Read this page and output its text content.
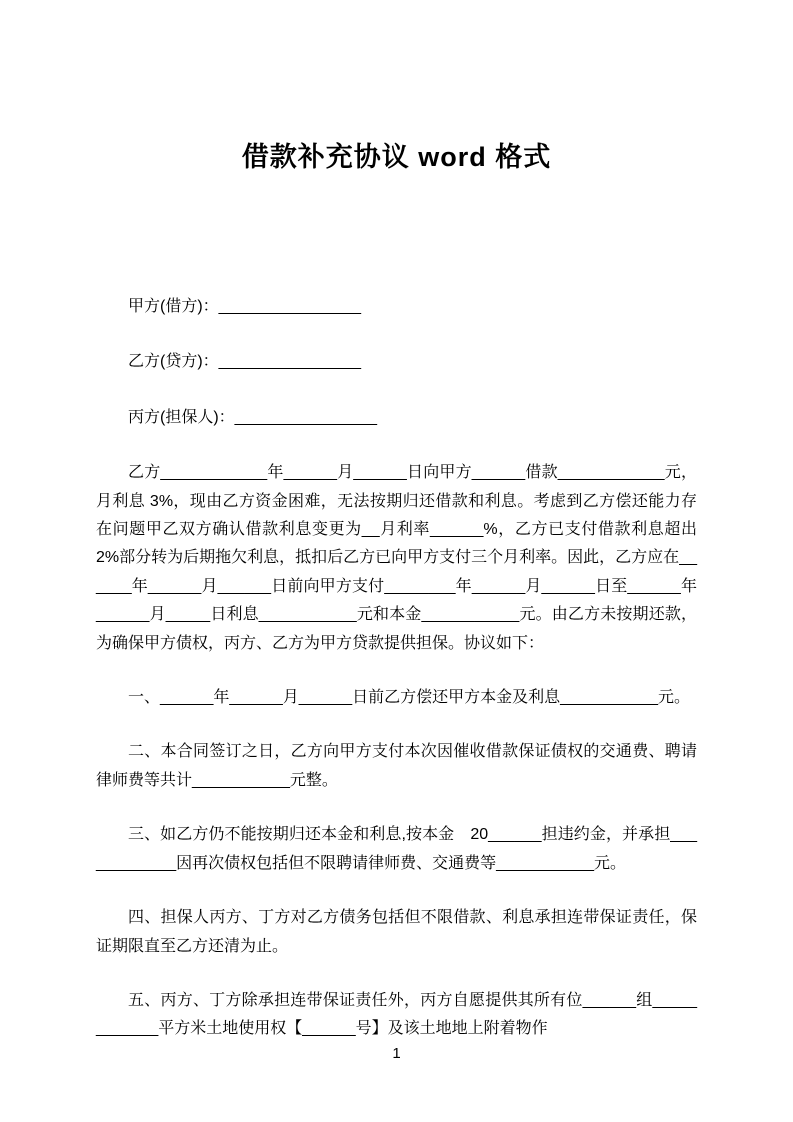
借款补充协议 word 格式

甲方(借方)：________________

乙方(贷方)：________________

丙方(担保人)：________________

乙方____________年______月______日向甲方______借款____________元，月利息 3%，现由乙方资金困难，无法按期归还借款和利息。考虑到乙方偿还能力存在问题甲乙双方确认借款利息变更为__月利率______%，乙方已支付借款利息超出 2%部分转为后期拖欠利息，抵扣后乙方已向甲方支付三个月利率。因此，乙方应在______年______月______日前向甲方支付________年______月______日至______年______月_____日利息___________元和本金___________元。由乙方未按期还款，为确保甲方债权，丙方、乙方为甲方贷款提供担保。协议如下：

一、______年______月______日前乙方偿还甲方本金及利息___________元。

二、本合同签订之日，乙方向甲方支付本次因催收借款保证债权的交通费、聘请律师费等共计___________元整。

三、如乙方仍不能按期归还本金和利息,按本金　20______担违约金，并承担____________因再次债权包括但不限聘请律师费、交通费等___________元。

四、担保人丙方、丁方对乙方债务包括但不限借款、利息承担连带保证责任，保证期限直至乙方还清为止。

五、丙方、丁方除承担连带保证责任外，丙方自愿提供其所有位______组____________平方米土地使用权【______号】及该土地地上附着物作

1
